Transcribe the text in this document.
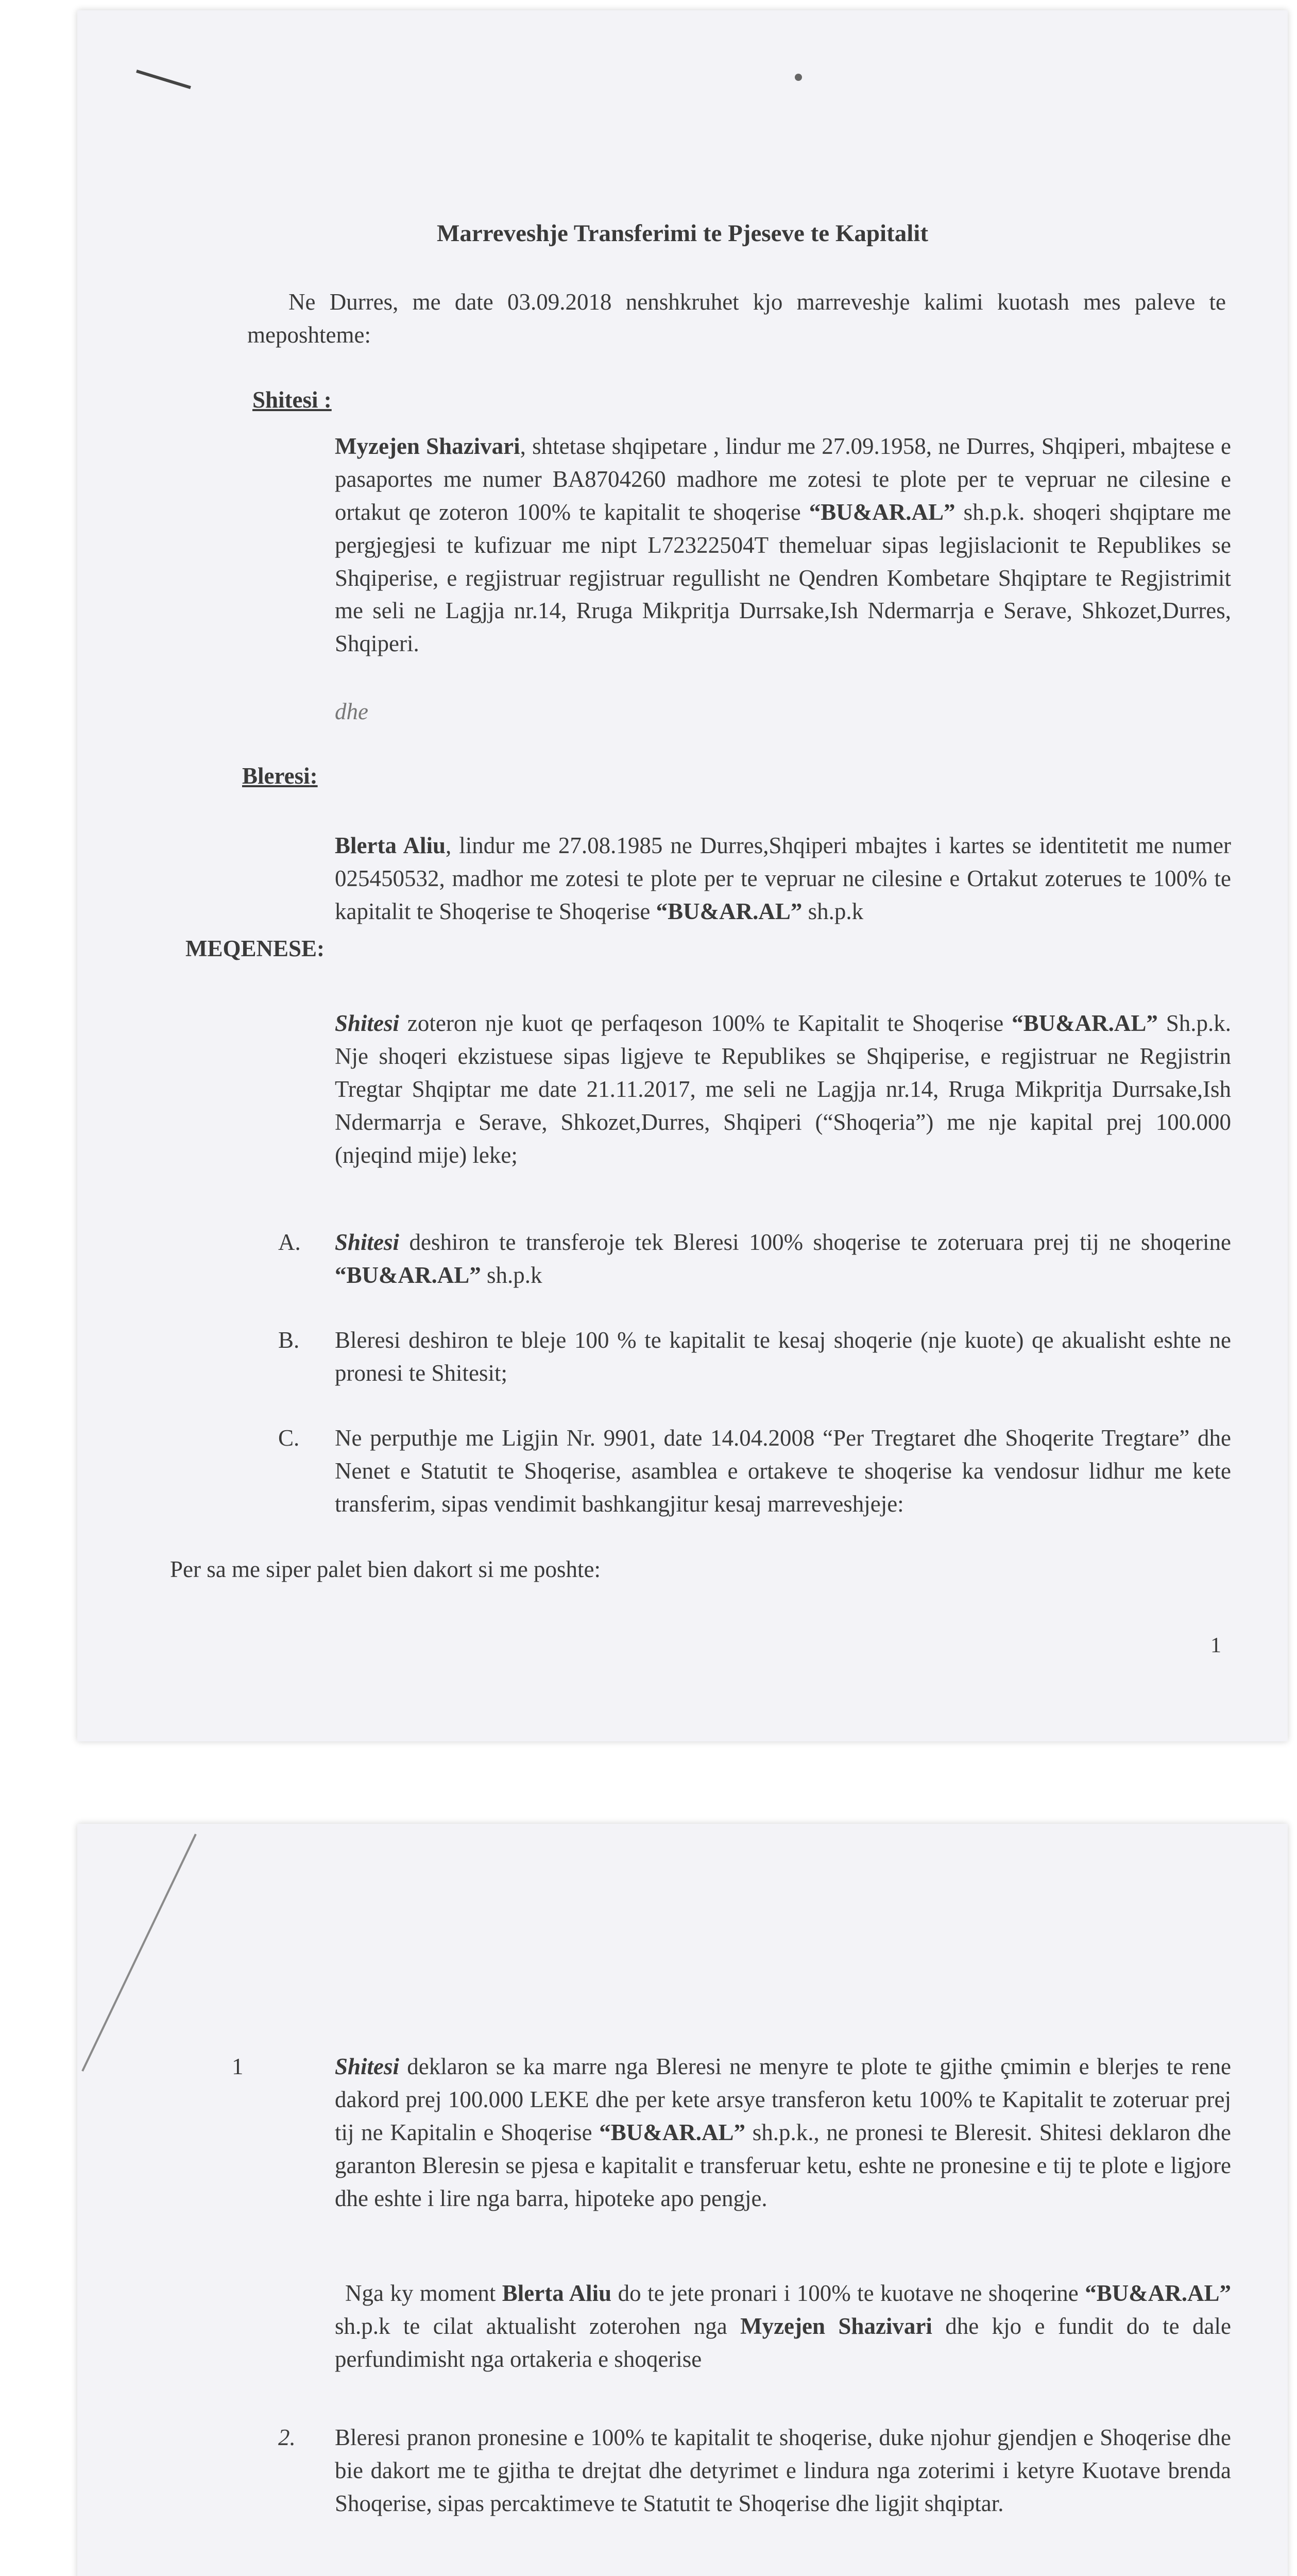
Marreveshje Transferimi te Pjeseve te Kapitalit

Ne Durres, me date 03.09.2018 nenshkruhet kjo marreveshje kalimi kuotash mes paleve te meposhteme:

Shitesi :

Myzejen Shazivari, shtetase shqipetare , lindur me 27.09.1958, ne Durres, Shqiperi, mbajtese e pasaportes me numer BA8704260 madhore me zotesi te plote per te vepruar ne cilesine e ortakut qe zoteron 100% te kapitalit te shoqerise “BU&AR.AL” sh.p.k. shoqeri shqiptare me pergjegjesi te kufizuar me nipt L72322504T themeluar sipas legjislacionit te Republikes se Shqiperise, e regjistruar regjistruar regullisht ne Qendren Kombetare Shqiptare te Regjistrimit me seli ne Lagjja nr.14, Rruga Mikpritja Durrsake,Ish Ndermarrja e Serave, Shkozet,Durres, Shqiperi.

dhe

Bleresi:

Blerta Aliu, lindur me 27.08.1985 ne Durres,Shqiperi mbajtes i kartes se identitetit me numer 025450532, madhor me zotesi te plote per te vepruar ne cilesine e Ortakut zoterues te 100% te kapitalit te Shoqerise te Shoqerise “BU&AR.AL” sh.p.k

MEQENESE:

Shitesi zoteron nje kuot qe perfaqeson 100% te Kapitalit te Shoqerise “BU&AR.AL” Sh.p.k. Nje shoqeri ekzistuese sipas ligjeve te Republikes se Shqiperise, e regjistruar ne Regjistrin Tregtar Shqiptar me date 21.11.2017, me seli ne Lagjja nr.14, Rruga Mikpritja Durrsake,Ish Ndermarrja e Serave, Shkozet,Durres, Shqiperi (“Shoqeria”) me nje kapital prej 100.000 (njeqind mije) leke;

A. Shitesi deshiron te transferoje tek Bleresi 100% shoqerise te zoteruara prej tij ne shoqerine “BU&AR.AL” sh.p.k

B. Bleresi deshiron te bleje 100 % te kapitalit te kesaj shoqerie (nje kuote) qe akualisht eshte ne pronesi te Shitesit;

C. Ne perputhje me Ligjin Nr. 9901, date 14.04.2008 “Per Tregtaret dhe Shoqerite Tregtare” dhe Nenet e Statutit te Shoqerise, asamblea e ortakeve te shoqerise ka vendosur lidhur me kete transferim, sipas vendimit bashkangjitur kesaj marreveshjeje:

Per sa me siper palet bien dakort si me poshte:

1

1	Shitesi deklaron se ka marre nga Bleresi ne menyre te plote te gjithe çmimin e blerjes te rene dakord prej 100.000 LEKE dhe per kete arsye transferon ketu 100% te Kapitalit te zoteruar prej tij ne Kapitalin e Shoqerise “BU&AR.AL” sh.p.k., ne pronesi te Bleresit. Shitesi deklaron dhe garanton Bleresin se pjesa e kapitalit e transferuar ketu, eshte ne pronesine e tij te plote e ligjore dhe eshte i lire nga barra, hipoteke apo pengje.

Nga ky moment Blerta Aliu do te jete pronari i 100% te kuotave ne shoqerine “BU&AR.AL” sh.p.k te cilat aktualisht zoterohen nga Myzejen Shazivari dhe kjo e fundit do te dale perfundimisht nga ortakeria e shoqerise

2. Bleresi pranon pronesine e 100% te kapitalit te shoqerise, duke njohur gjendjen e Shoqerise dhe bie dakort me te gjitha te drejtat dhe detyrimet e lindura nga zoterimi i ketyre Kuotave brenda Shoqerise, sipas percaktimeve te Statutit te Shoqerise dhe ligjit shqiptar.
